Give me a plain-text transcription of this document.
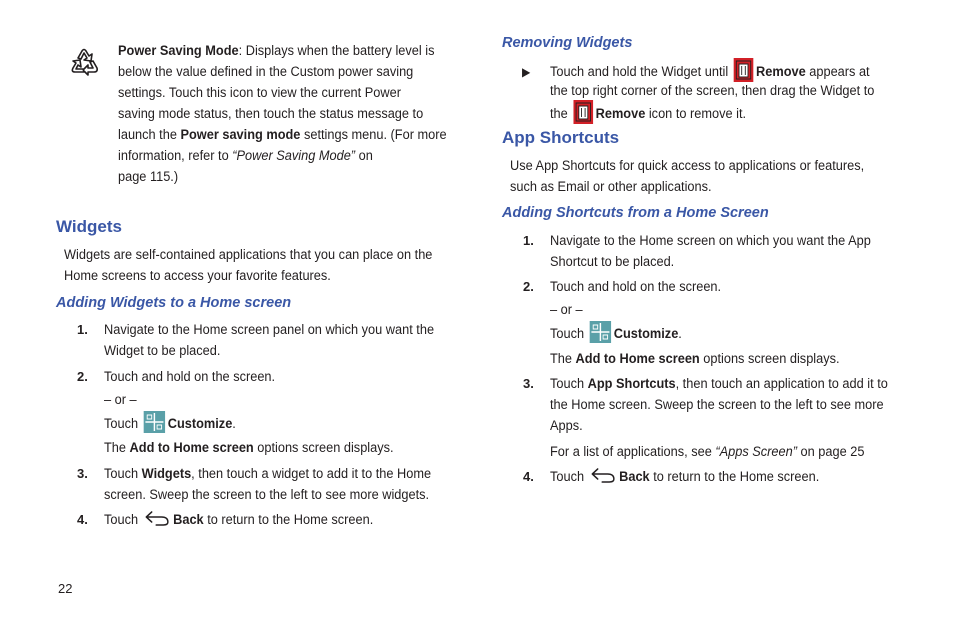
Power Saving Mode: Displays when the battery level is
below the value defined in the Custom power saving
settings. Touch this icon to view the current Power
saving mode status, then touch the status message to
launch the Power saving mode settings menu. (For more
information, refer to “Power Saving Mode” on
page 115.)
Widgets
Widgets are self-contained applications that you can place on the
Home screens to access your favorite features.
Adding Widgets to a Home screen
1. Navigate to the Home screen panel on which you want the
Widget to be placed.
2. Touch and hold on the screen.
– or –
Touch Customize.
The Add to Home screen options screen displays.
3. Touch Widgets, then touch a widget to add it to the Home
screen. Sweep the screen to the left to see more widgets.
4. Touch Back to return to the Home screen.
Removing Widgets
▶ Touch and hold the Widget until Remove appears at
the top right corner of the screen, then drag the Widget to
the Remove icon to remove it.
App Shortcuts
Use App Shortcuts for quick access to applications or features,
such as Email or other applications.
Adding Shortcuts from a Home Screen
1. Navigate to the Home screen on which you want the App
Shortcut to be placed.
2. Touch and hold on the screen.
– or –
Touch Customize.
The Add to Home screen options screen displays.
3. Touch App Shortcuts, then touch an application to add it to
the Home screen. Sweep the screen to the left to see more
Apps.
For a list of applications, see “Apps Screen” on page 25
4. Touch Back to return to the Home screen.
22
